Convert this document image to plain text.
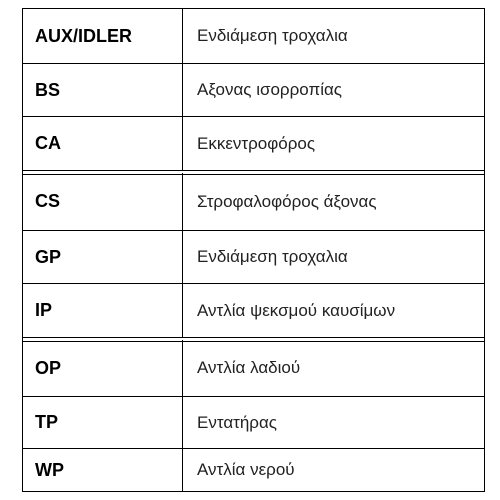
AUX/IDLER	Ενδιάμεση τροχαλια
BS	Αξονας ισορροπίας
CA	Εκκεντροφόρος
CS	Στροφαλοφόρος άξονας
GP	Ενδιάμεση τροχαλια
IP	Αντλία ψεκσμού καυσίμων
OP	Αντλία λαδιού
TP	Εντατήρας
WP	Αντλία νερού
